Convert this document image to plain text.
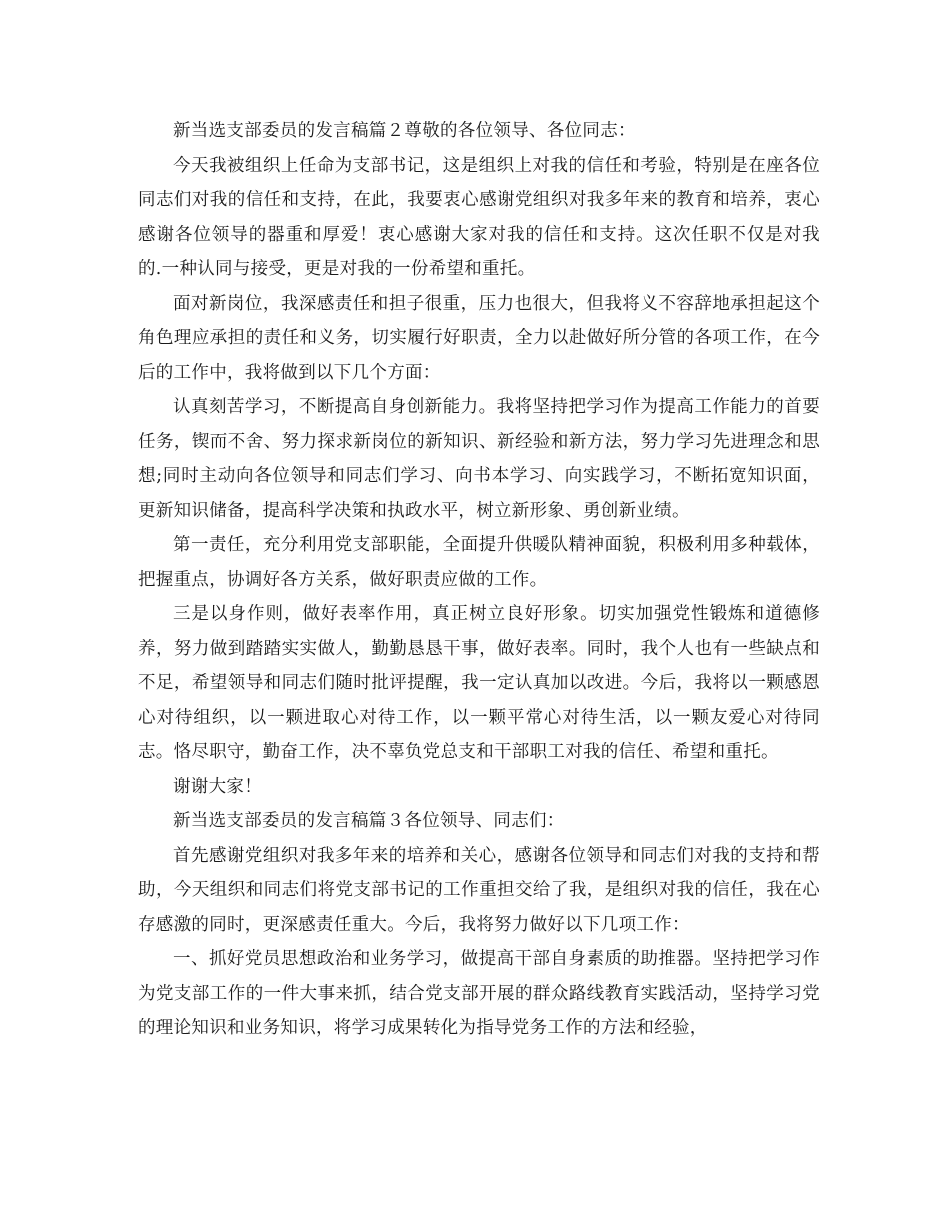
新当选支部委员的发言稿篇２尊敬的各位领导、各位同志：

今天我被组织上任命为支部书记，这是组织上对我的信任和考验，特别是在座各位同志们对我的信任和支持，在此，我要衷心感谢党组织对我多年来的教育和培养，衷心感谢各位领导的器重和厚爱！衷心感谢大家对我的信任和支持。这次任职不仅是对我的.一种认同与接受，更是对我的一份希望和重托。

面对新岗位，我深感责任和担子很重，压力也很大，但我将义不容辞地承担起这个角色理应承担的责任和义务，切实履行好职责，全力以赴做好所分管的各项工作，在今后的工作中，我将做到以下几个方面：

认真刻苦学习，不断提高自身创新能力。我将坚持把学习作为提高工作能力的首要任务，锲而不舍、努力探求新岗位的新知识、新经验和新方法，努力学习先进理念和思想;同时主动向各位领导和同志们学习、向书本学习、向实践学习，不断拓宽知识面，更新知识储备，提高科学决策和执政水平，树立新形象、勇创新业绩。

第一责任，充分利用党支部职能，全面提升供暖队精神面貌，积极利用多种载体，把握重点，协调好各方关系，做好职责应做的工作。

三是以身作则，做好表率作用，真正树立良好形象。切实加强党性锻炼和道德修养，努力做到踏踏实实做人，勤勤恳恳干事，做好表率。同时，我个人也有一些缺点和不足，希望领导和同志们随时批评提醒，我一定认真加以改进。今后，我将以一颗感恩心对待组织，以一颗进取心对待工作，以一颗平常心对待生活，以一颗友爱心对待同志。恪尽职守，勤奋工作，决不辜负党总支和干部职工对我的信任、希望和重托。

谢谢大家！

新当选支部委员的发言稿篇３各位领导、同志们：

首先感谢党组织对我多年来的培养和关心，感谢各位领导和同志们对我的支持和帮助，今天组织和同志们将党支部书记的工作重担交给了我，是组织对我的信任，我在心存感激的同时，更深感责任重大。今后，我将努力做好以下几项工作：

一、抓好党员思想政治和业务学习，做提高干部自身素质的助推器。坚持把学习作为党支部工作的一件大事来抓，结合党支部开展的群众路线教育实践活动，坚持学习党的理论知识和业务知识，将学习成果转化为指导党务工作的方法和经验，
